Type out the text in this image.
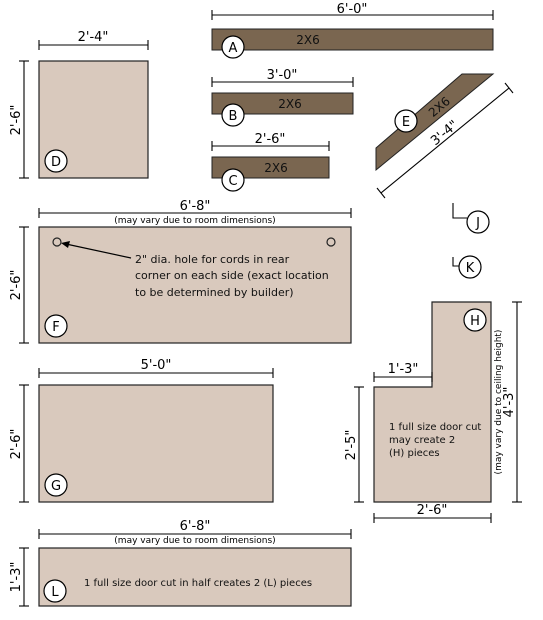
6'-0"
2X6
A
3'-0"
2X6
B
2'-6"
2X6
C
2'-4"
2'-6"
D
2X6
3'-4"
E
J
K
6'-8"
(may vary due to room dimensions)
2'-6"
2" dia. hole for cords in rear
corner on each side (exact location
to be determined by builder)
F
5'-0"
2'-6"
G
1'-3"
2'-5"
2'-6"
4'-3"
(may vary due to ceiling height)
1 full size door cut
may create 2
(H) pieces
H
6'-8"
(may vary due to room dimensions)
1'-3"	1 full size door cut in half creates 2 (L) pieces
L
